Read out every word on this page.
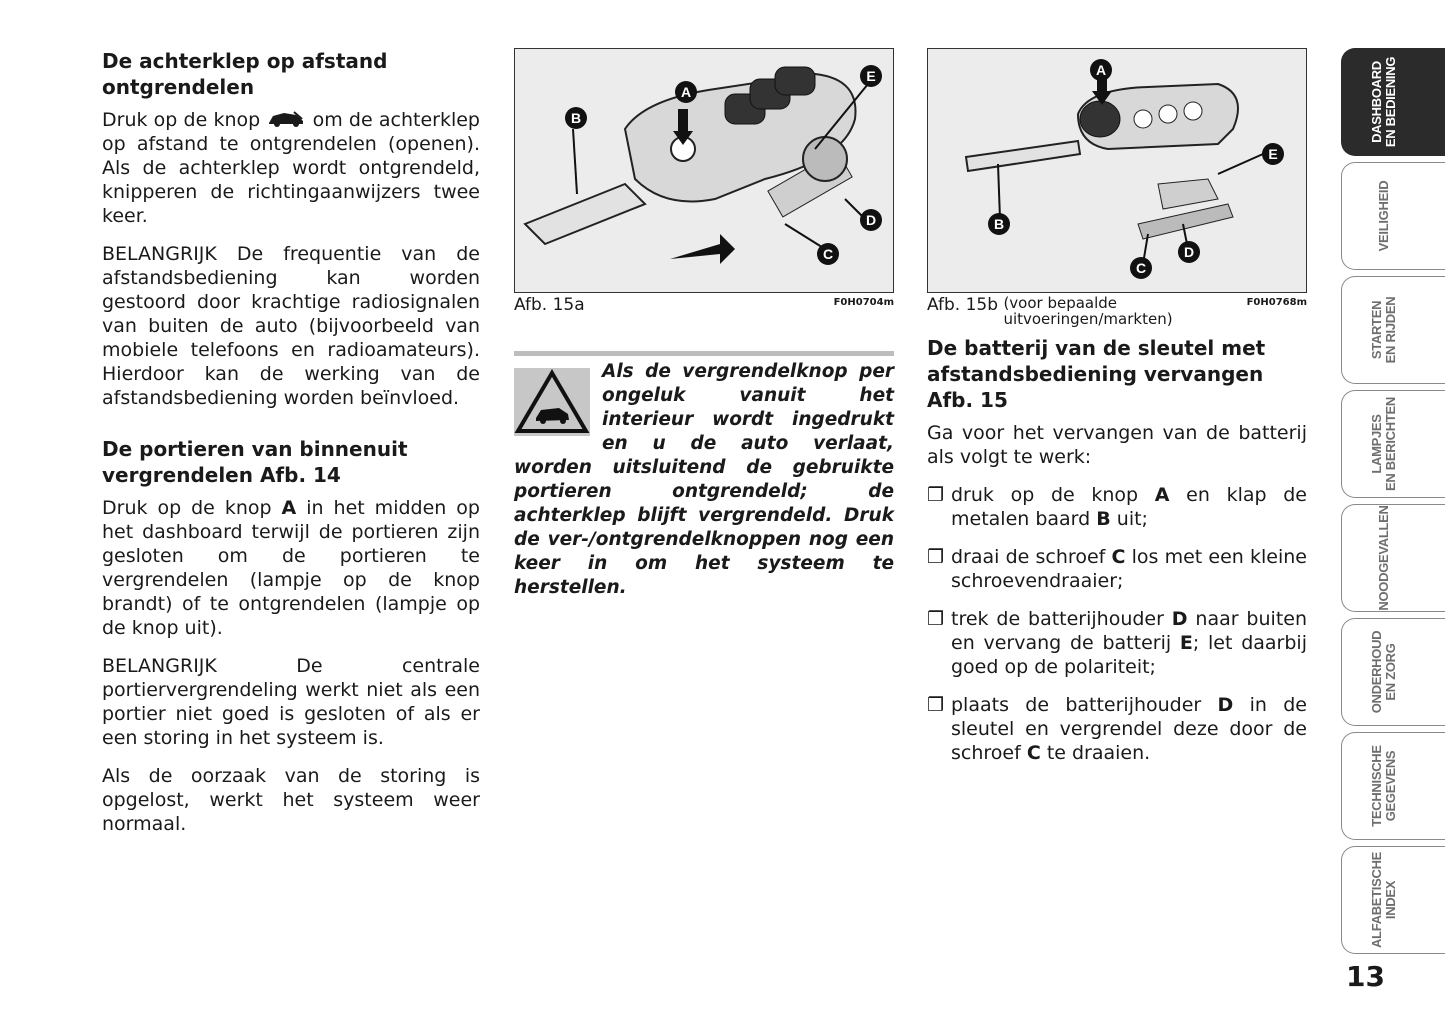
De achterklep op afstand ontgrendelen

Druk op de knop  om de achterklep op afstand te ontgrendelen (openen). Als de achterklep wordt ontgrendeld, knipperen de richtingaanwijzers twee keer.

BELANGRIJK De frequentie van de afstandsbediening kan worden gestoord door krachtige radiosignalen van buiten de auto (bijvoorbeeld van mobiele telefoons en radioamateurs). Hierdoor kan de werking van de afstandsbediening worden beïnvloed.

De portieren van binnenuit vergrendelen Afb. 14

Druk op de knop A in het midden op het dashboard terwijl de portieren zijn gesloten om de portieren te vergrendelen (lampje op de knop brandt) of te ontgrendelen (lampje op de knop uit).

BELANGRIJK De centrale portiervergrendeling werkt niet als een portier niet goed is gesloten of als er een storing in het systeem is.

Als de oorzaak van de storing is opgelost, werkt het systeem weer normaal.

A
B
C
D
E
Afb. 15a	F0H0704m

Als de vergrendelknop per ongeluk vanuit het interieur wordt ingedrukt en u de auto verlaat, worden uitsluitend de gebruikte portieren ontgrendeld; de achterklep blijft vergrendeld. Druk de ver-/ontgrendelknoppen nog een keer in om het systeem te herstellen.

A
B
C
D
E
Afb. 15b (voor bepaalde uitvoeringen/markten)
F0H0768m
De batterij van de sleutel met afstandsbediening vervangen Afb. 15

Ga voor het vervangen van de batterij als volgt te werk:

❒ druk op de knop A en klap de metalen baard B uit;
❒ draai de schroef C los met een kleine schroevendraaier;
❒ trek de batterijhouder D naar buiten en vervang de batterij E; let daarbij goed op de polariteit;
❒ plaats de batterijhouder D in de sleutel en vergrendel deze door de schroef C te draaien.
DASHBOARD
EN BEDIENING
VEILIGHEID
STARTEN
EN RIJDEN
LAMPJES
EN BERICHTEN
NOODGEVALLEN
ONDERHOUD
EN ZORG
TECHNISCHE
GEGEVENS
ALFABETISCHE
INDEX
13
